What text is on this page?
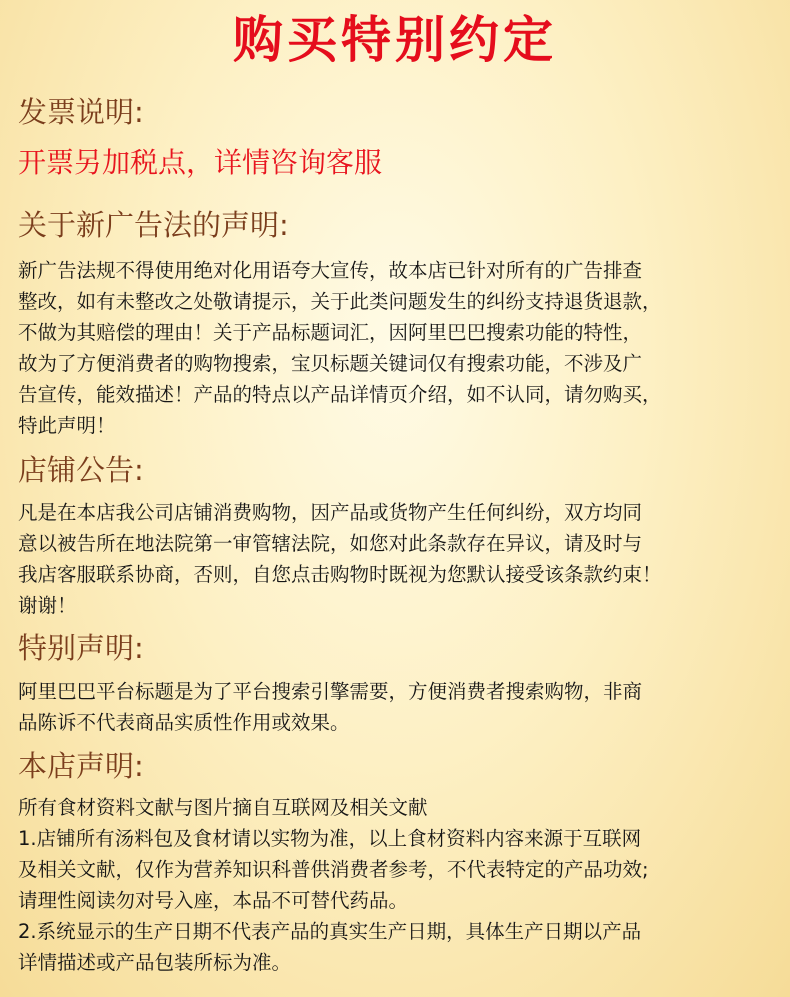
购买特别约定
发票说明:
开票另加税点，详情咨询客服
关于新广告法的声明:
新广告法规不得使用绝对化用语夸大宣传，故本店已针对所有的广告排查
整改，如有未整改之处敬请提示，关于此类问题发生的纠纷支持退货退款，
不做为其赔偿的理由！关于产品标题词汇，因阿里巴巴搜索功能的特性，
故为了方便消费者的购物搜索，宝贝标题关键词仅有搜索功能，不涉及广
告宣传，能效描述！产品的特点以产品详情页介绍，如不认同，请勿购买，
特此声明！
店铺公告:
凡是在本店我公司店铺消费购物，因产品或货物产生任何纠纷，双方均同
意以被告所在地法院第一审管辖法院，如您对此条款存在异议，请及时与
我店客服联系协商，否则，自您点击购物时既视为您默认接受该条款约束！
谢谢！
特别声明:
阿里巴巴平台标题是为了平台搜索引擎需要，方便消费者搜索购物，非商
品陈诉不代表商品实质性作用或效果。
本店声明:
所有食材资料文献与图片摘自互联网及相关文献
1.店铺所有汤料包及食材请以实物为准，以上食材资料内容来源于互联网
及相关文献，仅作为营养知识科普供消费者参考，不代表特定的产品功效;
请理性阅读勿对号入座，本品不可替代药品。
2.系统显示的生产日期不代表产品的真实生产日期，具体生产日期以产品
详情描述或产品包装所标为准。
